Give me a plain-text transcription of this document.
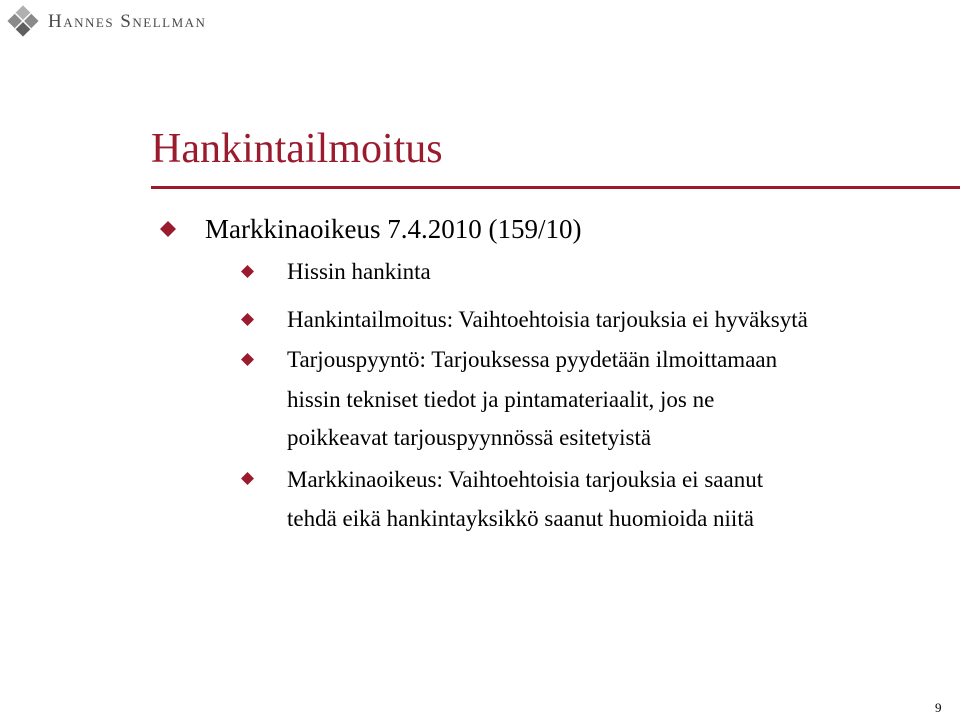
Hannes Snellman
Hankintailmoitus
Markkinaoikeus 7.4.2010 (159/10)
Hissin hankinta
Hankintailmoitus: Vaihtoehtoisia tarjouksia ei hyväksytä
Tarjouspyyntö: Tarjouksessa pyydetään ilmoittamaan
hissin tekniset tiedot ja pintamateriaalit, jos ne
poikkeavat tarjouspyynnössä esitetyistä
Markkinaoikeus: Vaihtoehtoisia tarjouksia ei saanut
tehdä eikä hankintayksikkö saanut huomioida niitä
9
